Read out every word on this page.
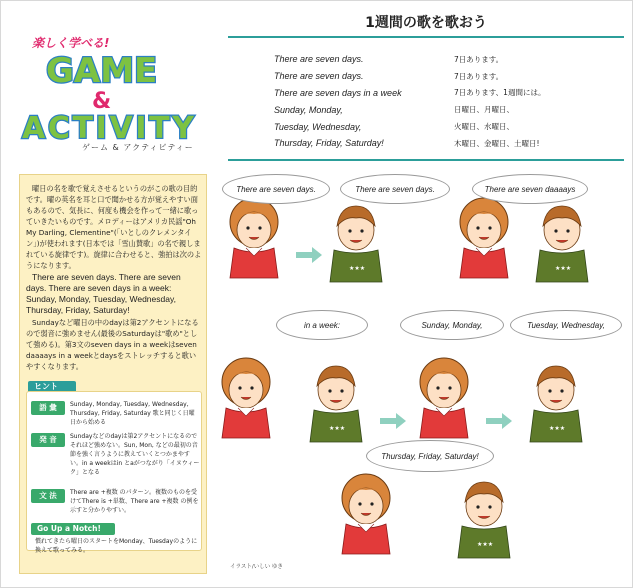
GAME
&
ACTIVITY
楽しく学べる!
ゲーム & アクティビティー
1週間の歌を歌おう
There are seven days.	7日あります。
There are seven days.	7日あります。
There are seven days in a week	7日あります、1週間には。
Sunday, Monday,	日曜日、月曜日、
Tuesday, Wednesday,	火曜日、水曜日、
Thursday, Friday, Saturday!	木曜日、金曜日、土曜日!

曜日の名を歌で覚えさせるというのがこの歌の目的です。曜の英名を耳と口で聞かせる方が覚えやすい面もあるので、気長に、何度も機会を作って一緒に歌っていきたいものです。メロディーはアメリカ民謡"Oh My Darling, Clementine"(「いとしのクレメンタイン」)が使われます(日本では「雪山賛歌」の名で親しまれている旋律です)。旋律に合わせると、強拍は次のようになります。

There are seven days. There are seven days. There are seven days in a week: Sunday, Monday, Tuesday, Wednesday, Thursday, Friday, Saturday!

Sundayなど曜日の中のdayは第2アクセントになるので弱音に強めません(最後のSaturdayは"歌め"として強める)。第3文のseven days in a weekはseven daaaays in a weekとdaysをストレッチすると歌いやすくなります。

ヒント
語 彙	Sunday, Monday, Tuesday, Wednesday, Thursday, Friday, Saturday 歌と同じく日曜日から始める
発 音	Sundayなどのdayは第2アクセントになるのでそれほど強めない。Sun, Mon, などの最初の音節を強く言うように教えていくとつかまやすい。in a weekはin とaがつながり「イヌウィーク」となる
文 法	There are +複数 のパターン。複数のものを受けてThere is +単数、There are +複数 の例を示すと分かりやすい。
Go Up a Notch!
慣れてきたら曜日のスタートをMonday、Tuesdayのように換えて歌ってみる。
★★★
There are seven days.	There are seven days.	There are seven daaaays
in a week:	Sunday, Monday,	Tuesday, Wednesday,
Thursday, Friday, Saturday!
イラスト/いしい ゆき
